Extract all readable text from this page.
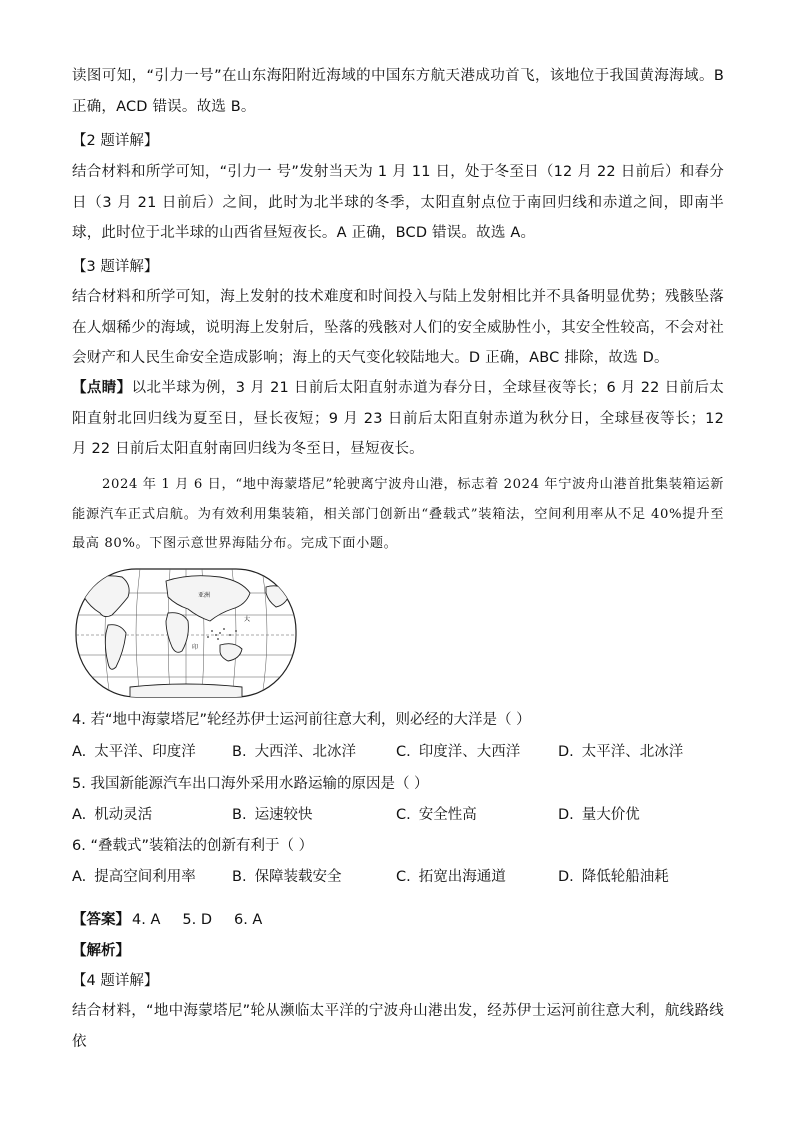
读图可知，“引力一号”在山东海阳附近海域的中国东方航天港成功首飞，该地位于我国黄海海域。B正确，ACD 错误。故选 B。

【2 题详解】

结合材料和所学可知，“引力一 号”发射当天为 1 月 11 日，处于冬至日（12 月 22 日前后）和春分日（3 月 21 日前后）之间，此时为北半球的冬季，太阳直射点位于南回归线和赤道之间，即南半球，此时位于北半球的山西省昼短夜长。A 正确，BCD 错误。故选 A。

【3 题详解】

结合材料和所学可知，海上发射的技术难度和时间投入与陆上发射相比并不具备明显优势；残骸坠落在人烟稀少的海域，说明海上发射后，坠落的残骸对人们的安全威胁性小，其安全性较高，不会对社会财产和人民生命安全造成影响；海上的天气变化较陆地大。D 正确，ABC 排除，故选 D。

【点睛】以北半球为例，3 月 21 日前后太阳直射赤道为春分日，全球昼夜等长；6 月 22 日前后太阳直射北回归线为夏至日，昼长夜短；9 月 23 日前后太阳直射赤道为秋分日，全球昼夜等长；12 月 22 日前后太阳直射南回归线为冬至日，昼短夜长。

2024 年 1 月 6 日，“地中海蒙塔尼”轮驶离宁波舟山港，标志着 2024 年宁波舟山港首批集装箱运新能源汽车正式启航。为有效利用集装箱，相关部门创新出“叠载式”装箱法，空间利用率从不足 40%提升至最高 80%。下图示意世界海陆分布。完成下面小题。

亚洲
大
印

4. 若“地中海蒙塔尼”轮经苏伊士运河前往意大利，则必经的大洋是（ ）

A. 太平洋、印度洋 B. 大西洋、北冰洋	C. 印度洋、大西洋	D. 太平洋、北冰洋

5. 我国新能源汽车出口海外采用水路运输的原因是（ ）

A. 机动灵活	B. 运速较快	C. 安全性高	D. 量大价优

6. “叠载式”装箱法的创新有利于（ ）

A. 提高空间利用率 B. 保障装载安全	C. 拓宽出海通道	D. 降低轮船油耗

【答案】 4. A 5. D 6. A

【解析】

【4 题详解】

结合材料，“地中海蒙塔尼”轮从濒临太平洋的宁波舟山港出发，经苏伊士运河前往意大利，航线路线依
